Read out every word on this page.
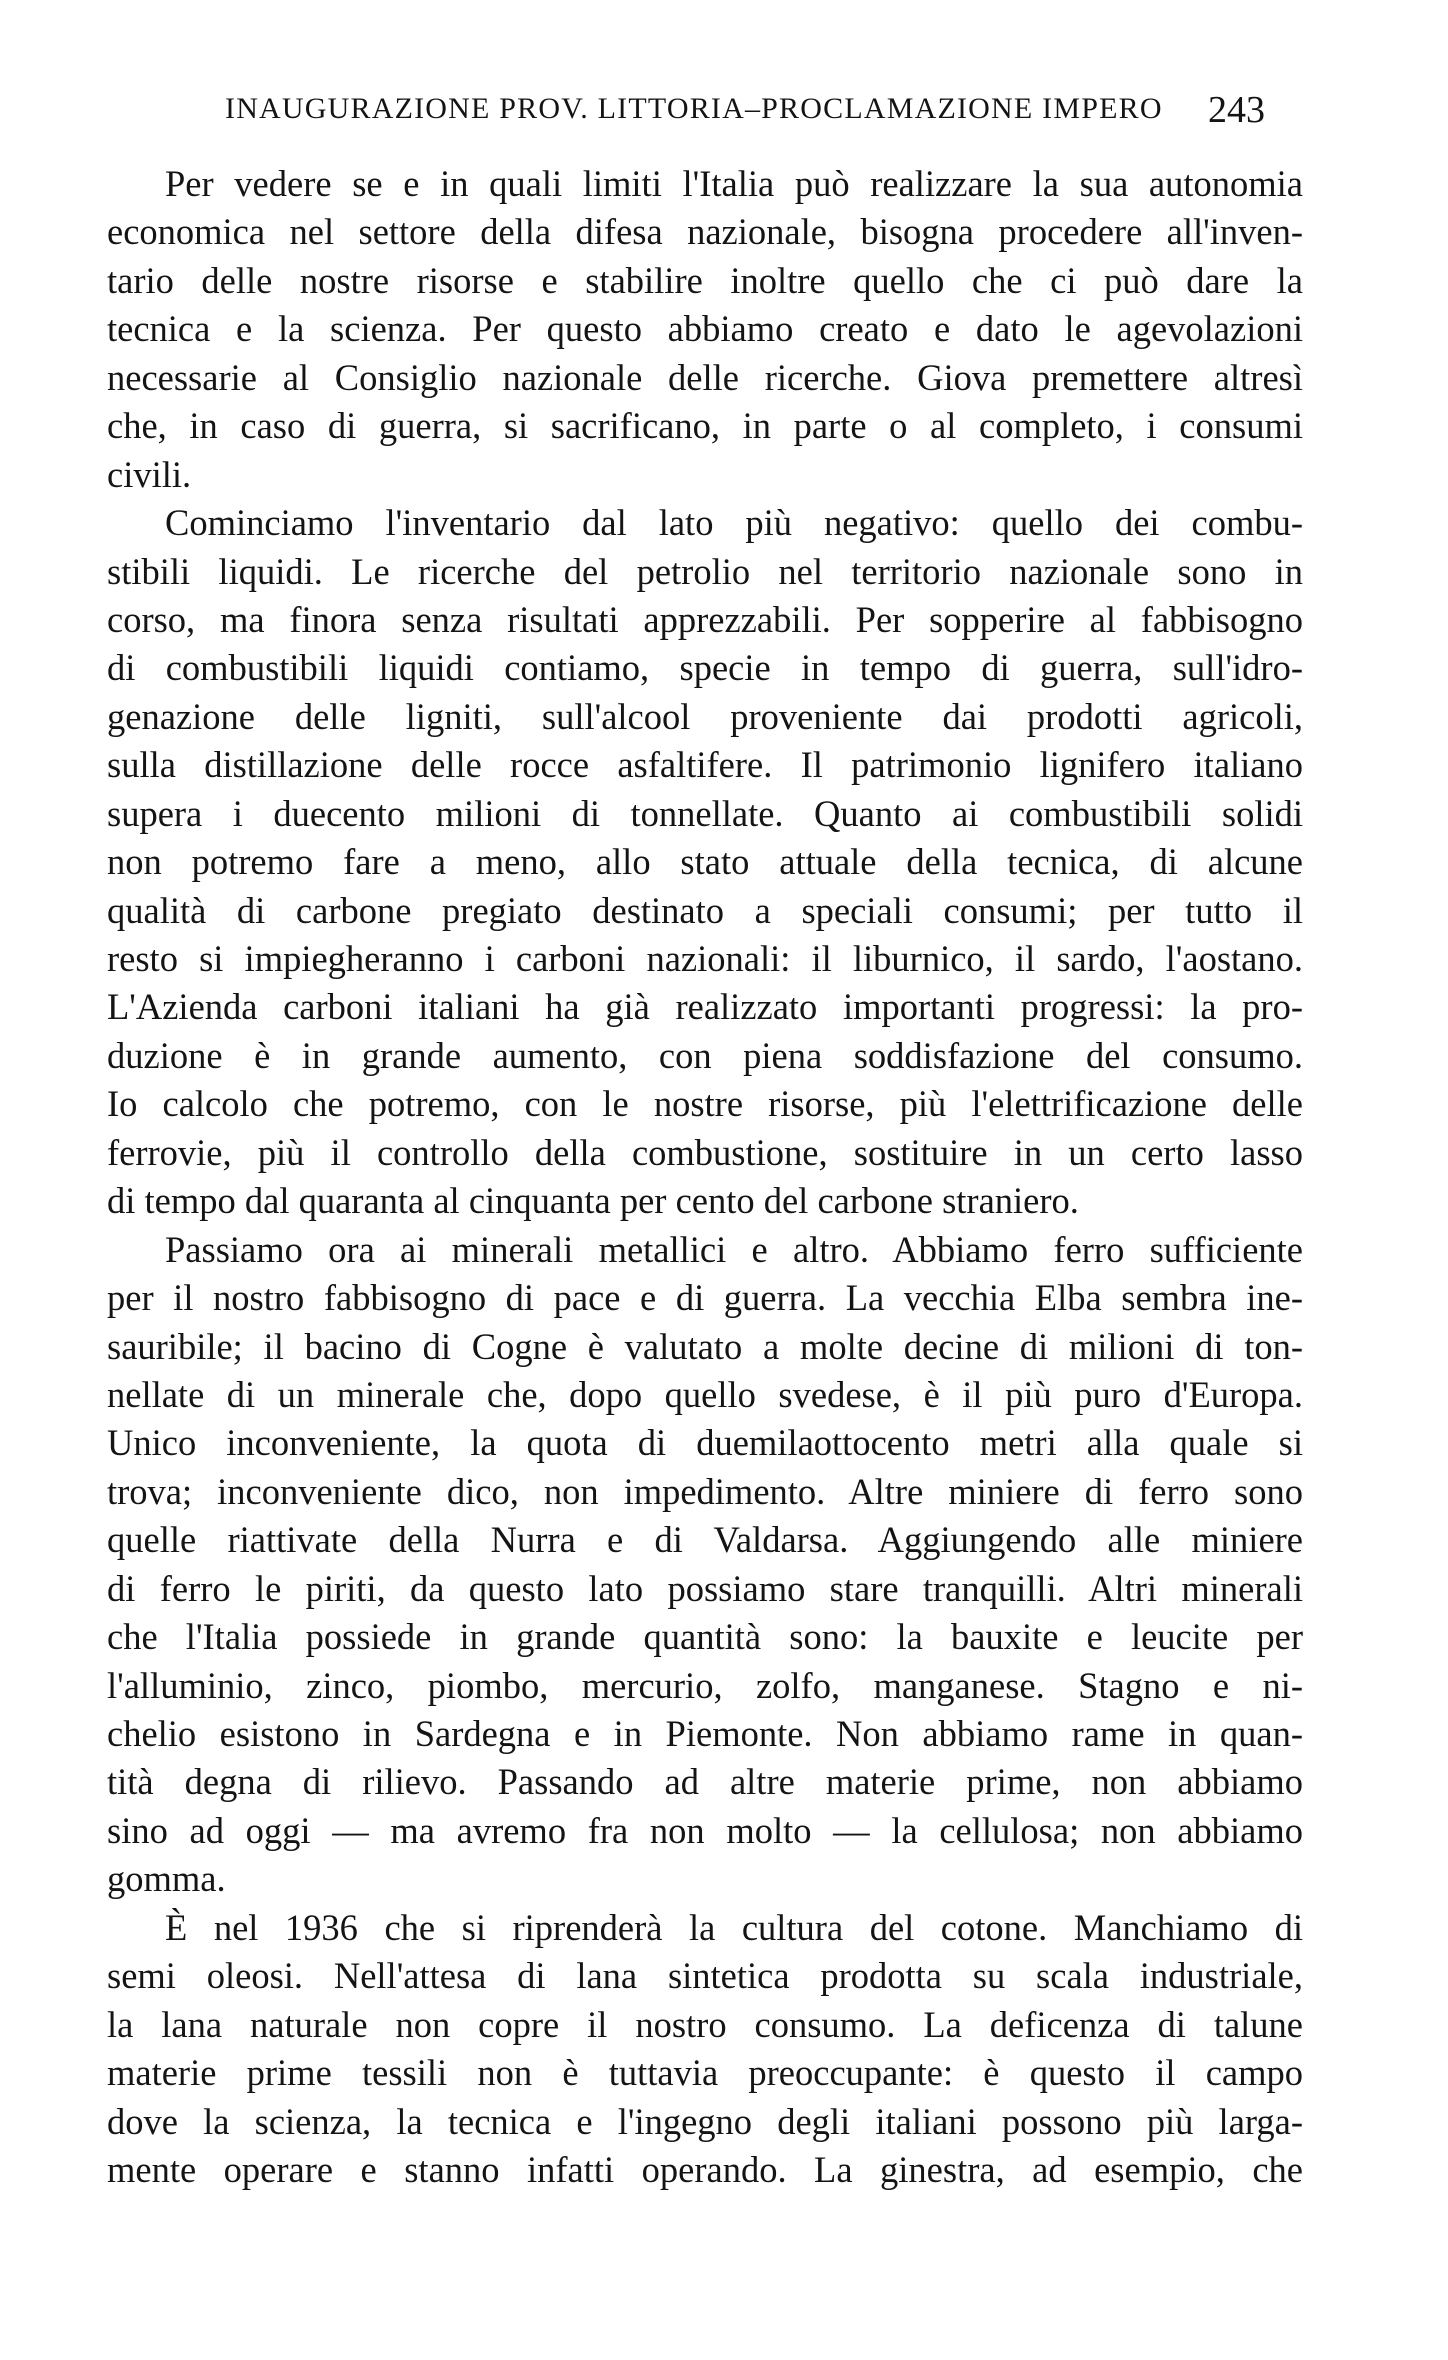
INAUGURAZIONE PROV. LITTORIA–PROCLAMAZIONE IMPERO 243
Per vedere se e in quali limiti l'Italia può realizzare la sua autonomia
economica nel settore della difesa nazionale, bisogna procedere all'inven-
tario delle nostre risorse e stabilire inoltre quello che ci può dare la
tecnica e la scienza. Per questo abbiamo creato e dato le agevolazioni
necessarie al Consiglio nazionale delle ricerche. Giova premettere altresì
che, in caso di guerra, si sacrificano, in parte o al completo, i consumi
civili.
Cominciamo l'inventario dal lato più negativo: quello dei combu-
stibili liquidi. Le ricerche del petrolio nel territorio nazionale sono in
corso, ma finora senza risultati apprezzabili. Per sopperire al fabbisogno
di combustibili liquidi contiamo, specie in tempo di guerra, sull'idro-
genazione delle ligniti, sull'alcool proveniente dai prodotti agricoli,
sulla distillazione delle rocce asfaltifere. Il patrimonio lignifero italiano
supera i duecento milioni di tonnellate. Quanto ai combustibili solidi
non potremo fare a meno, allo stato attuale della tecnica, di alcune
qualità di carbone pregiato destinato a speciali consumi; per tutto il
resto si impiegheranno i carboni nazionali: il liburnico, il sardo, l'aostano.
L'Azienda carboni italiani ha già realizzato importanti progressi: la pro-
duzione è in grande aumento, con piena soddisfazione del consumo.
Io calcolo che potremo, con le nostre risorse, più l'elettrificazione delle
ferrovie, più il controllo della combustione, sostituire in un certo lasso
di tempo dal quaranta al cinquanta per cento del carbone straniero.
Passiamo ora ai minerali metallici e altro. Abbiamo ferro sufficiente
per il nostro fabbisogno di pace e di guerra. La vecchia Elba sembra ine-
sauribile; il bacino di Cogne è valutato a molte decine di milioni di ton-
nellate di un minerale che, dopo quello svedese, è il più puro d'Europa.
Unico inconveniente, la quota di duemilaottocento metri alla quale si
trova; inconveniente dico, non impedimento. Altre miniere di ferro sono
quelle riattivate della Nurra e di Valdarsa. Aggiungendo alle miniere
di ferro le piriti, da questo lato possiamo stare tranquilli. Altri minerali
che l'Italia possiede in grande quantità sono: la bauxite e leucite per
l'alluminio, zinco, piombo, mercurio, zolfo, manganese. Stagno e ni-
chelio esistono in Sardegna e in Piemonte. Non abbiamo rame in quan-
tità degna di rilievo. Passando ad altre materie prime, non abbiamo
sino ad oggi — ma avremo fra non molto — la cellulosa; non abbiamo
gomma.
È nel 1936 che si riprenderà la cultura del cotone. Manchiamo di
semi oleosi. Nell'attesa di lana sintetica prodotta su scala industriale,
la lana naturale non copre il nostro consumo. La deficenza di talune
materie prime tessili non è tuttavia preoccupante: è questo il campo
dove la scienza, la tecnica e l'ingegno degli italiani possono più larga-
mente operare e stanno infatti operando. La ginestra, ad esempio, che
